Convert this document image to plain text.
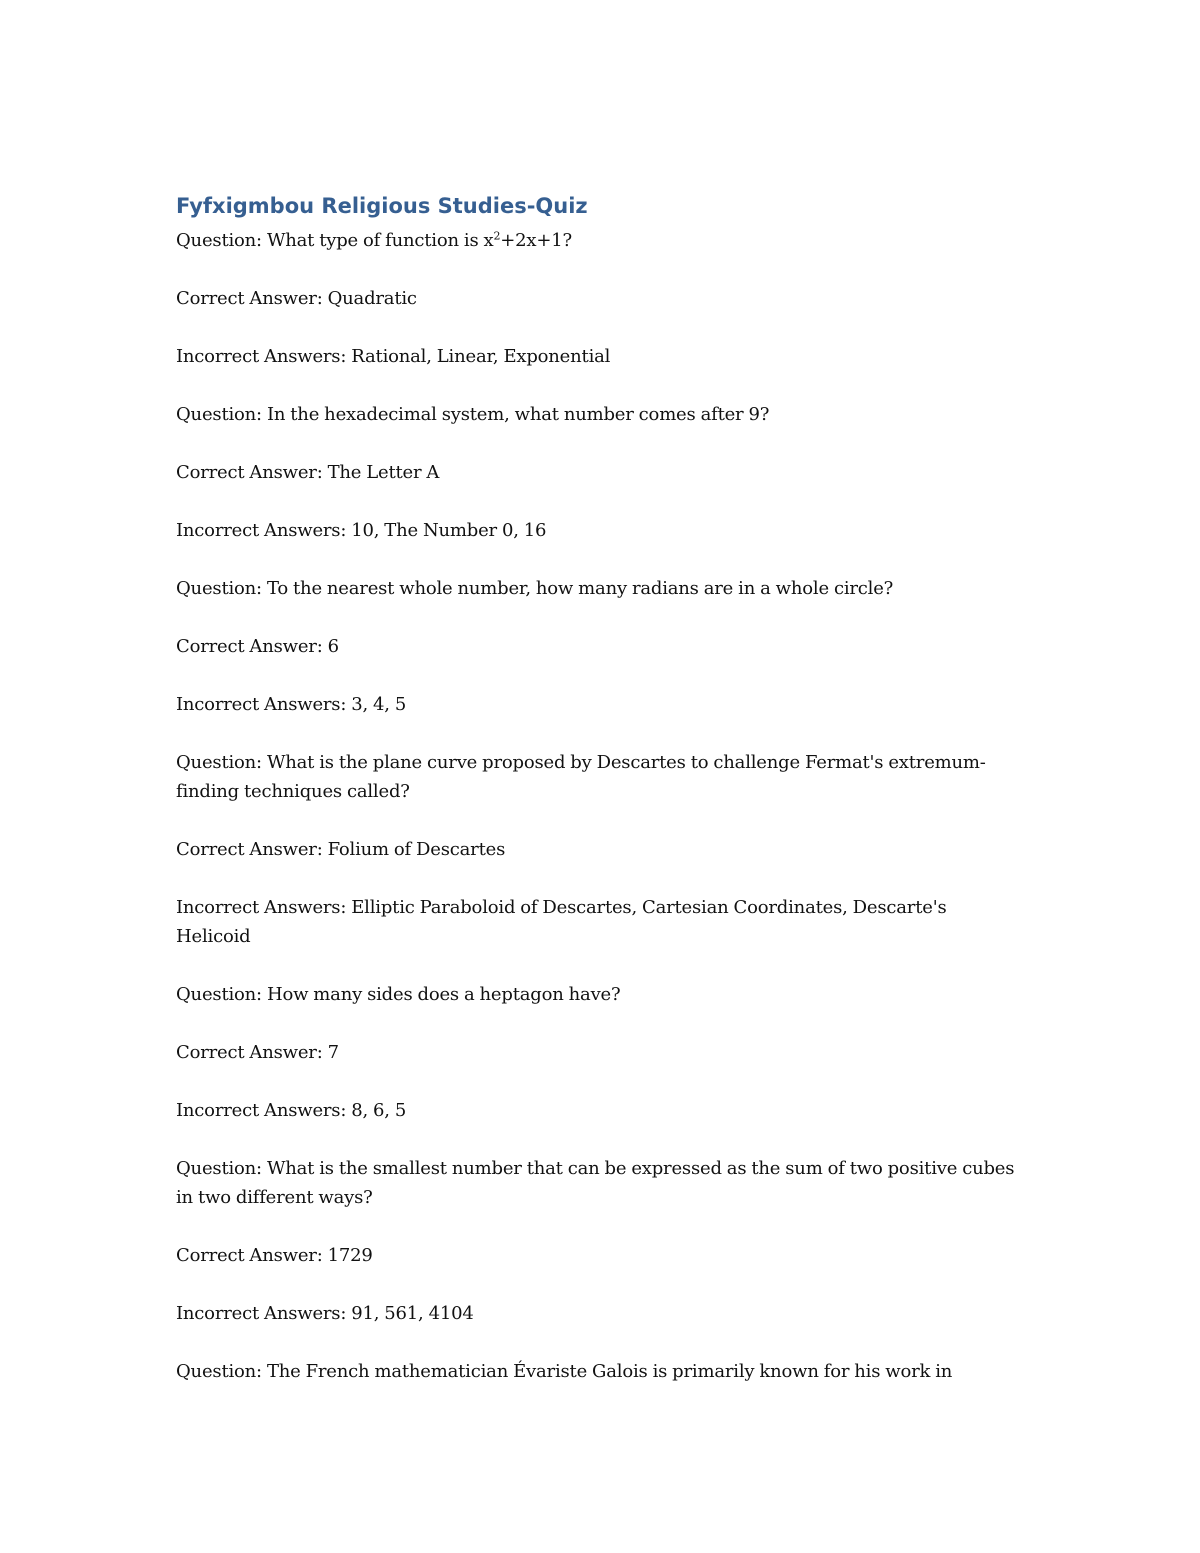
Fyfxigmbou Religious Studies-Quiz

Question: What type of function is $x^2+2x+1$?

Correct Answer: Quadratic

Incorrect Answers: Rational, Linear, Exponential

Question: In the hexadecimal system, what number comes after 9?

Correct Answer: The Letter A

Incorrect Answers: 10, The Number 0, 16

Question: To the nearest whole number, how many radians are in a whole circle?

Correct Answer: 6

Incorrect Answers: 3, 4, 5

Question: What is the plane curve proposed by Descartes to challenge Fermat's extremum-finding techniques called?

Correct Answer: Folium of Descartes

Incorrect Answers: Elliptic Paraboloid of Descartes, Cartesian Coordinates, Descarte's Helicoid

Question: How many sides does a heptagon have?

Correct Answer: 7

Incorrect Answers: 8, 6, 5

Question: What is the smallest number that can be expressed as the sum of two positive cubes in two different ways?

Correct Answer: 1729

Incorrect Answers: 91, 561, 4104

Question: The French mathematician Évariste Galois is primarily known for his work in
